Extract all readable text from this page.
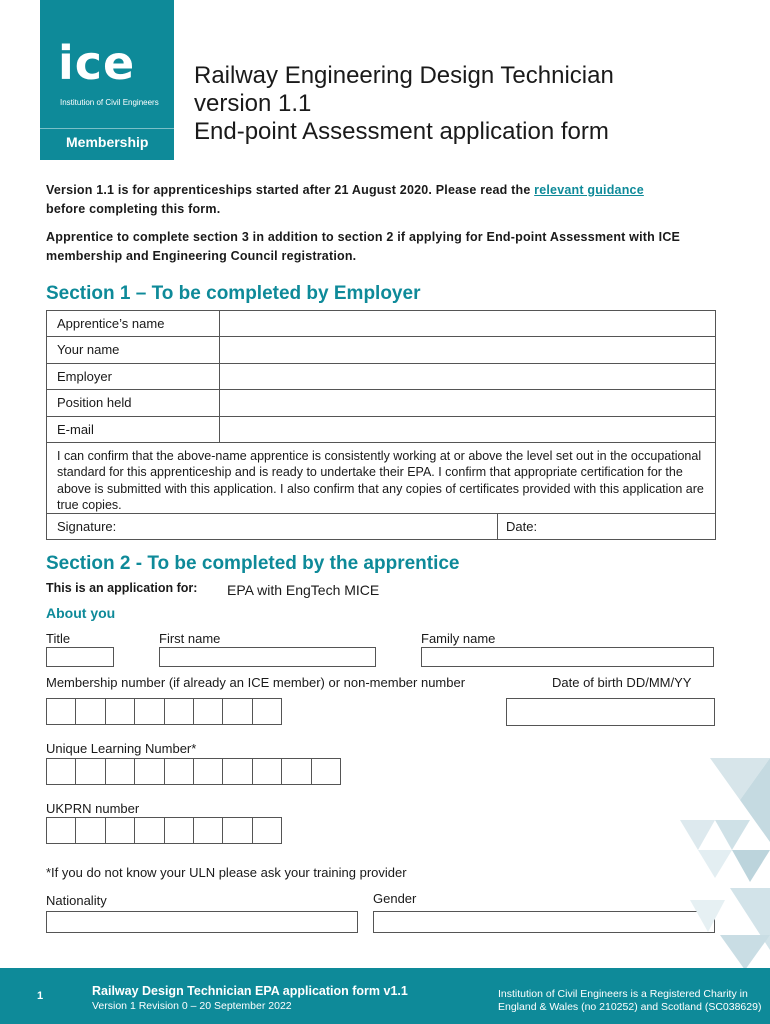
ice
Institution of Civil Engineers
Membership
Railway Engineering Design Technician
version 1.1
End-point Assessment application form
Version 1.1 is for apprenticeships started after 21 August 2020. Please read the relevant guidance
before completing this form.
Apprentice to complete section 3 in addition to section 2 if applying for End-point Assessment with ICE membership and Engineering Council registration.
Section 1 – To be completed by Employer
Apprentice’s name
Your name
Employer
Position held
E-mail
I can confirm that the above-name apprentice is consistently working at or above the level set out in the occupational standard for this apprenticeship and is ready to undertake their EPA. I confirm that appropriate certification for the above is submitted with this application. I also confirm that any copies of certificates provided with this application are true copies.
Signature:	Date:
Section 2 - To be completed by the apprentice
This is an application for: EPA with EngTech MICE
About you
Title	First name	Family name
Membership number (if already an ICE member) or non-member number	Date of birth DD/MM/YY
Unique Learning Number*
UKPRN number
*If you do not know your ULN please ask your training provider
Nationality	Gender
1	Railway Design Technician EPA application form v1.1
Version 1 Revision 0 – 20 September 2022
Institution of Civil Engineers is a Registered Charity in
England & Wales (no 210252) and Scotland (SC038629)
